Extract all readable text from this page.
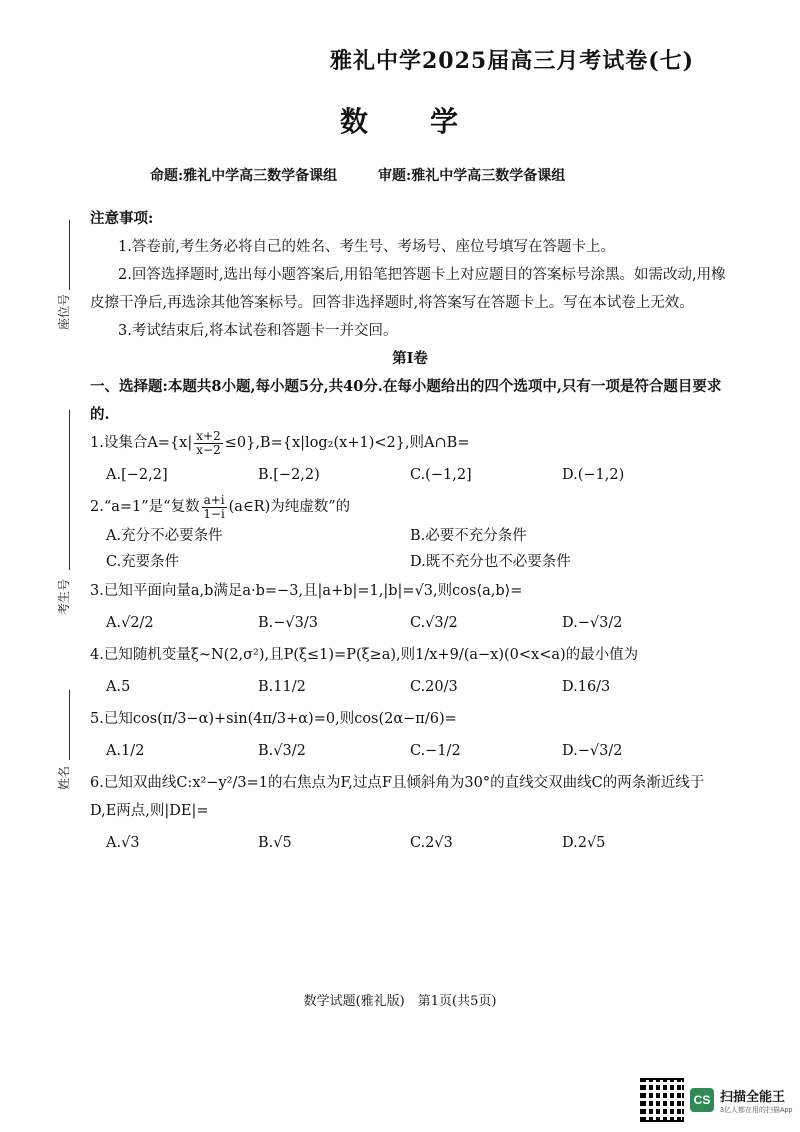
雅礼中学2025届高三月考试卷(七)
数　　学
命题:雅礼中学高三数学备课组	审题:雅礼中学高三数学备课组
座位号
考生号
姓名

注意事项:

1.答卷前,考生务必将自己的姓名、考生号、考场号、座位号填写在答题卡上。

2.回答选择题时,选出每小题答案后,用铅笔把答题卡上对应题目的答案标号涂黑。如需改动,用橡皮擦干净后,再选涂其他答案标号。回答非选择题时,将答案写在答题卡上。写在本试卷上无效。

3.考试结束后,将本试卷和答题卡一并交回。

第Ⅰ卷

一、选择题:本题共8小题,每小题5分,共40分.在每小题给出的四个选项中,只有一项是符合题目要求的.

1.设集合$A=\{x| \frac{x+2}{x-2} \le 0\},B=\{x|\log_2(x+1)<2\}$,则A∩B=

A.[−2,2]	B.[−2,2)	C.(−1,2]	D.(−1,2)

2.“a=1”是“复数 $\frac{a+i}{1-i}$ (a∈R)为纯虚数”的

A.充分不必要条件	B.必要不充分条件
C.充要条件	D.既不充分也不必要条件

3.已知平面向量a,b满足a·b=−3,且|a+b|=1,|b|=√3,则cos⟨a,b⟩=

A.√2/2	B.−√3/3	C.√3/2	D.−√3/2

4.已知随机变量ξ~N(2,σ²),且P(ξ≤1)=P(ξ≥a),则1/x+9/(a−x)(0<x<a)的最小值为

A.5	B.11/2	C.20/3	D.16/3

5.已知cos(π/3−α)+sin(4π/3+α)=0,则cos(2α−π/6)=

A.1/2	B.√3/2	C.−1/2	D.−√3/2

6.已知双曲线C:x²−y²/3=1的右焦点为F,过点F且倾斜角为30°的直线交双曲线C的两条渐近线于D,E两点,则|DE|=

A.√3	B.√5	C.2√3	D.2√5
数学试题(雅礼版)　第1页(共5页)
CS 扫描全能王
3亿人都在用的扫描App
